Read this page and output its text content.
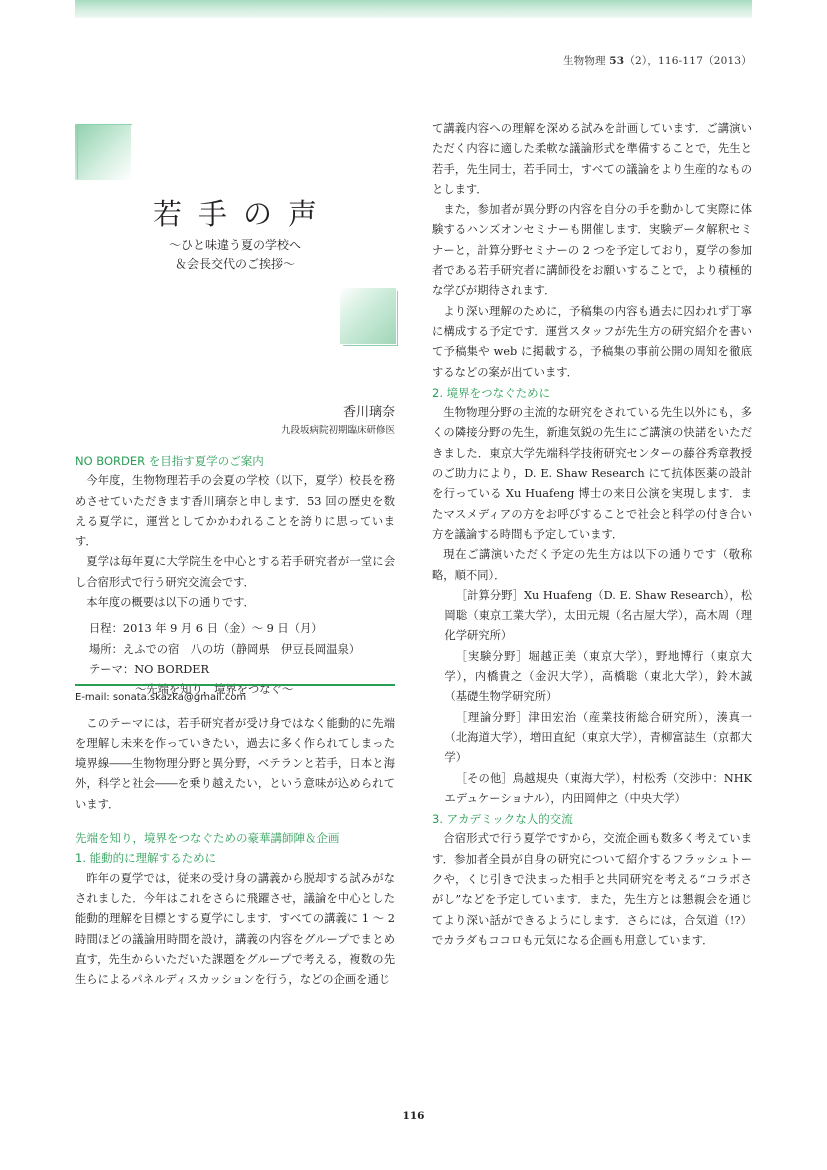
生物物理 53（2），116-117（2013）
若手の声
～ひと味違う夏の学校へ
＆会長交代のご挨拶～
香川璃奈
九段坂病院初期臨床研修医
NO BORDER を目指す夏学のご案内

今年度，生物物理若手の会夏の学校（以下，夏学）校長を務めさせていただきます香川璃奈と申します．53 回の歴史を数える夏学に，運営としてかかわれることを誇りに思っています．

夏学は毎年夏に大学院生を中心とする若手研究者が一堂に会し合宿形式で行う研究交流会です．

本年度の概要は以下の通りです．

日程：2013 年 9 月 6 日（金）～ 9 日（月）
場所：えふでの宿　八の坊（静岡県　伊豆長岡温泉）
テーマ：NO BORDER
～先端を知り，境界をつなぐ～

このテーマには，若手研究者が受け身ではなく能動的に先端を理解し未来を作っていきたい，過去に多く作られてしまった境界線――生物物理分野と異分野，ベテランと若手，日本と海外，科学と社会――を乗り越えたい，という意味が込められています．

先端を知り，境界をつなぐための豪華講師陣＆企画
1. 能動的に理解するために

昨年の夏学では，従来の受け身の講義から脱却する試みがなされました．今年はこれをさらに飛躍させ，議論を中心とした能動的理解を目標とする夏学にします．すべての講義に 1 ～ 2 時間ほどの議論用時間を設け，講義の内容をグループでまとめ直す，先生からいただいた課題をグループで考える，複数の先生らによるパネルディスカッションを行う，などの企画を通じ

E-mail: sonata.skazka@gmail.com

て講義内容への理解を深める試みを計画しています．ご講演いただく内容に適した柔軟な議論形式を準備することで，先生と若手，先生同士，若手同士，すべての議論をより生産的なものとします．

また，参加者が異分野の内容を自分の手を動かして実際に体験するハンズオンセミナーも開催します．実験データ解釈セミナーと，計算分野セミナーの 2 つを予定しており，夏学の参加者である若手研究者に講師役をお願いすることで，より積極的な学びが期待されます．

より深い理解のために，予稿集の内容も過去に囚われず丁寧に構成する予定です．運営スタッフが先生方の研究紹介を書いて予稿集や web に掲載する，予稿集の事前公開の周知を徹底するなどの案が出ています．

2. 境界をつなぐために

生物物理分野の主流的な研究をされている先生以外にも，多くの隣接分野の先生，新進気鋭の先生にご講演の快諾をいただきました．東京大学先端科学技術研究センターの藤谷秀章教授のご助力により，D. E. Shaw Research にて抗体医薬の設計を行っている Xu Huafeng 博士の来日公演を実現します．またマスメディアの方をお呼びすることで社会と科学の付き合い方を議論する時間も予定しています．

現在ご講演いただく予定の先生方は以下の通りです（敬称略，順不同）．

［計算分野］Xu Huafeng（D. E. Shaw Research），松岡聡（東京工業大学），太田元規（名古屋大学），高木周（理化学研究所）

［実験分野］堀越正美（東京大学），野地博行（東京大学），内橋貴之（金沢大学），高橋聡（東北大学），鈴木誠（基礎生物学研究所）

［理論分野］津田宏治（産業技術総合研究所），湊真一（北海道大学），増田直紀（東京大学），青柳富誌生（京都大学）

［その他］鳥越規央（東海大学），村松秀（交渉中：NHK エデュケーショナル），内田岡伸之（中央大学）

3. アカデミックな人的交流

合宿形式で行う夏学ですから，交流企画も数多く考えています．参加者全員が自身の研究について紹介するフラッシュトークや，くじ引きで決まった相手と共同研究を考える“コラボさがし”などを予定しています．また，先生方とは懇親会を通じてより深い話ができるようにします．さらには，合気道（!?）でカラダもココロも元気になる企画も用意しています．

116
